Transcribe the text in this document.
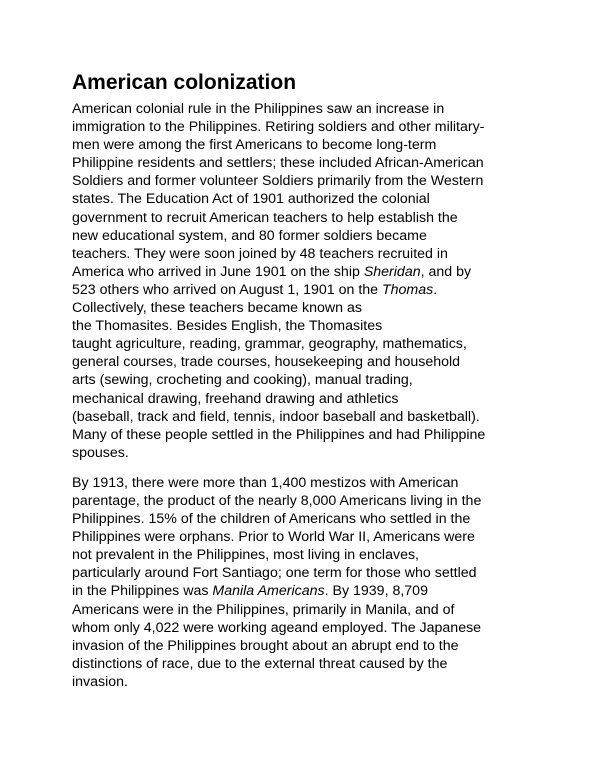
American colonization
American colonial rule in the Philippines saw an increase in
immigration to the Philippines. Retiring soldiers and other military-
men were among the first Americans to become long-term
Philippine residents and settlers; these included African-American
Soldiers and former volunteer Soldiers primarily from the Western
states. The Education Act of 1901 authorized the colonial
government to recruit American teachers to help establish the
new educational system, and 80 former soldiers became
teachers. They were soon joined by 48 teachers recruited in
America who arrived in June 1901 on the ship Sheridan, and by
523 others who arrived on August 1, 1901 on the Thomas.
Collectively, these teachers became known as
the Thomasites. Besides English, the Thomasites
taught agriculture, reading, grammar, geography, mathematics,
general courses, trade courses, housekeeping and household
arts (sewing, crocheting and cooking), manual trading,
mechanical drawing, freehand drawing and athletics
(baseball, track and field, tennis, indoor baseball and basketball).
Many of these people settled in the Philippines and had Philippine
spouses.
By 1913, there were more than 1,400 mestizos with American
parentage, the product of the nearly 8,000 Americans living in the
Philippines. 15% of the children of Americans who settled in the
Philippines were orphans. Prior to World War II, Americans were
not prevalent in the Philippines, most living in enclaves,
particularly around Fort Santiago; one term for those who settled
in the Philippines was Manila Americans. By 1939, 8,709
Americans were in the Philippines, primarily in Manila, and of
whom only 4,022 were working ageand employed. The Japanese
invasion of the Philippines brought about an abrupt end to the
distinctions of race, due to the external threat caused by the
invasion.
